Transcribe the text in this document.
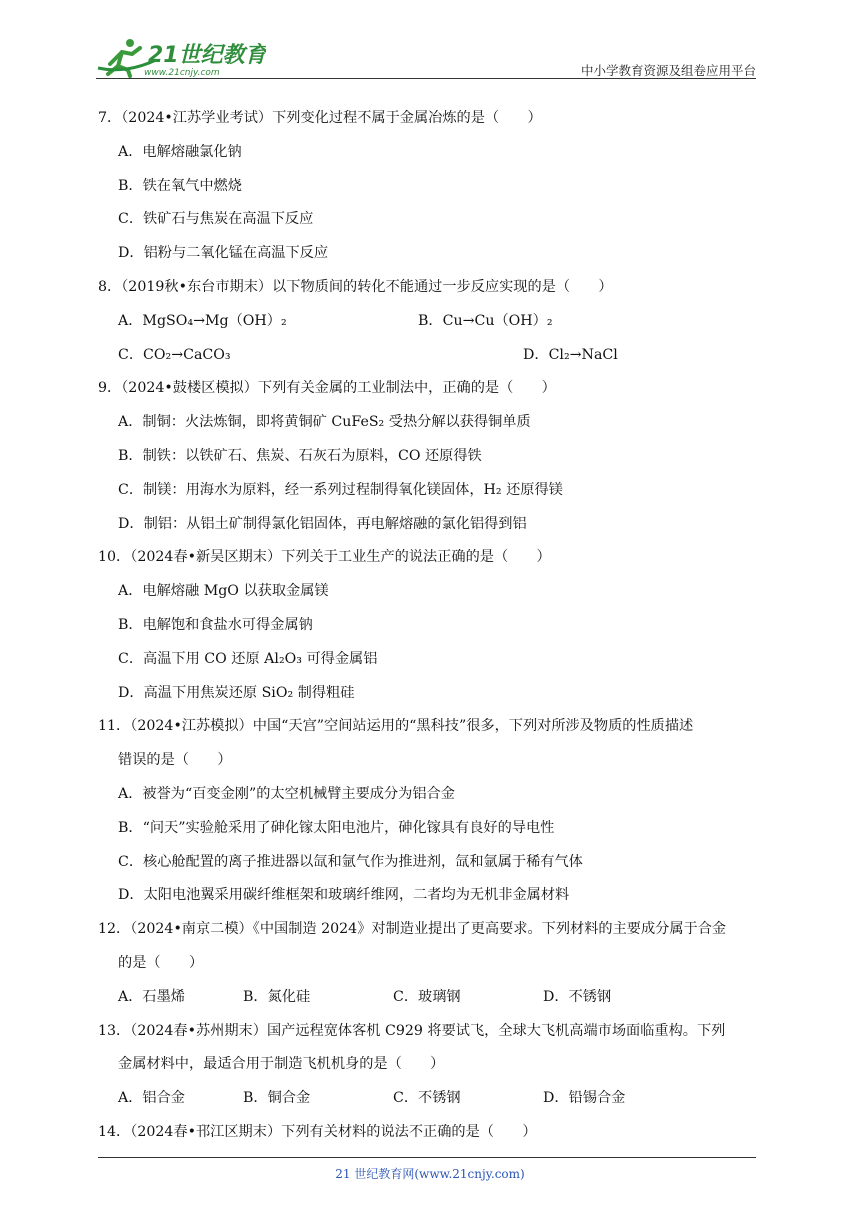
21世纪教育
www.21cnjy.com	中小学教育资源及组卷应用平台
7．（2024•江苏学业考试）下列变化过程不属于金属冶炼的是（　　）
A．电解熔融氯化钠
B．铁在氧气中燃烧
C．铁矿石与焦炭在高温下反应
D．铝粉与二氧化锰在高温下反应
8．（2019秋•东台市期末）以下物质间的转化不能通过一步反应实现的是（　　）
A．MgSO₄→Mg（OH）₂	B．Cu→Cu（OH）₂
C．CO₂→CaCO₃	D．Cl₂→NaCl
9．（2024•鼓楼区模拟）下列有关金属的工业制法中，正确的是（　　）
A．制铜：火法炼铜，即将黄铜矿 CuFeS₂ 受热分解以获得铜单质
B．制铁：以铁矿石、焦炭、石灰石为原料，CO 还原得铁
C．制镁：用海水为原料，经一系列过程制得氧化镁固体，H₂ 还原得镁
D．制铝：从铝土矿制得氯化铝固体，再电解熔融的氯化铝得到铝
10．（2024春•新吴区期末）下列关于工业生产的说法正确的是（　　）
A．电解熔融 MgO 以获取金属镁
B．电解饱和食盐水可得金属钠
C．高温下用 CO 还原 Al₂O₃ 可得金属铝
D．高温下用焦炭还原 SiO₂ 制得粗硅
11．（2024•江苏模拟）中国“天宫”空间站运用的“黑科技”很多，下列对所涉及物质的性质描述
错误的是（　　）
A．被誉为“百变金刚”的太空机械臂主要成分为铝合金
B．“问天”实验舱采用了砷化镓太阳电池片，砷化镓具有良好的导电性
C．核心舱配置的离子推进器以氙和氩气作为推进剂，氙和氩属于稀有气体
D．太阳电池翼采用碳纤维框架和玻璃纤维网，二者均为无机非金属材料
12．（2024•南京二模）《中国制造 2024》对制造业提出了更高要求。下列材料的主要成分属于合金
的是（　　）
A．石墨烯	B．氮化硅	C．玻璃钢	D．不锈钢
13．（2024春•苏州期末）国产远程宽体客机 C929 将要试飞，全球大飞机高端市场面临重构。下列
金属材料中，最适合用于制造飞机机身的是（　　）
A．铝合金	B．铜合金	C．不锈钢	D．铅锡合金
14．（2024春•邗江区期末）下列有关材料的说法不正确的是（　　）
21 世纪教育网(www.21cnjy.com)
